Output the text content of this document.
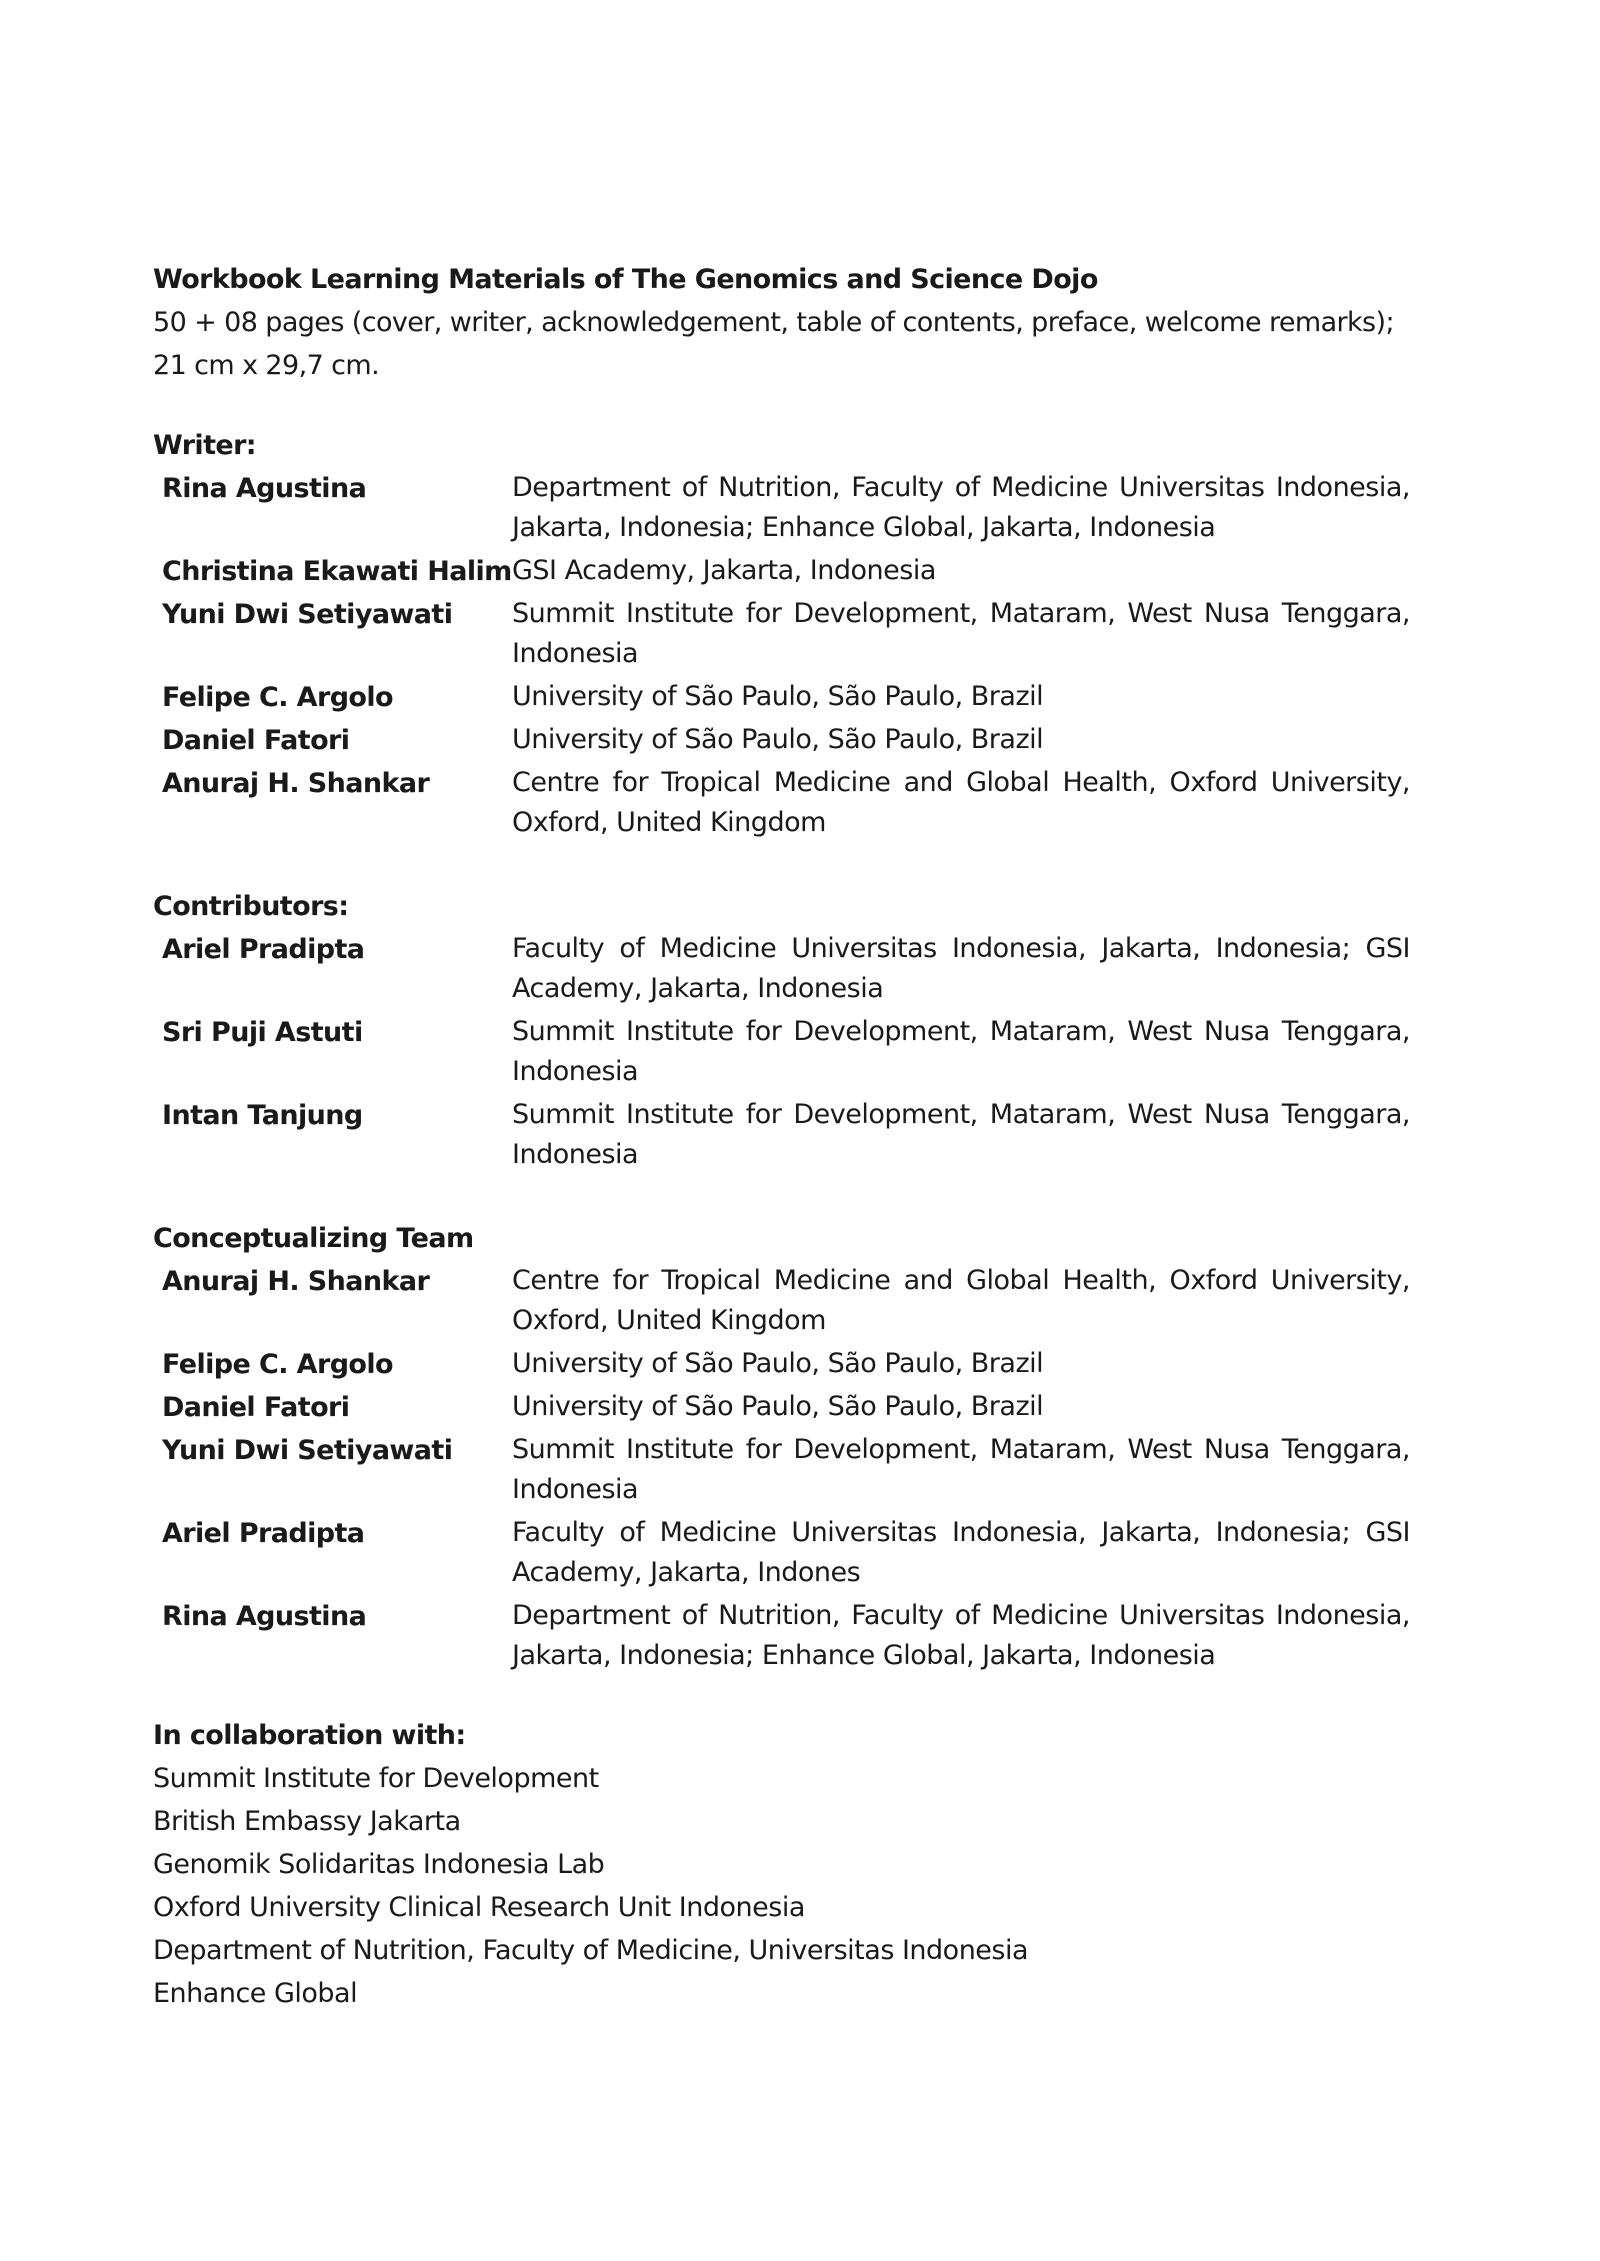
Workbook Learning Materials of The Genomics and Science Dojo

50 + 08 pages (cover, writer, acknowledgement, table of contents, preface, welcome remarks);

21 cm x 29,7 cm.

Writer:

Rina Agustina	Department of Nutrition, Faculty of Medicine Universitas Indonesia, Jakarta, Indonesia; Enhance Global, Jakarta, Indonesia
Christina Ekawati Halim GSI Academy, Jakarta, Indonesia
Yuni Dwi Setiyawati	Summit Institute for Development, Mataram, West Nusa Tenggara, Indonesia
Felipe C. Argolo	University of São Paulo, São Paulo, Brazil
Daniel Fatori	University of São Paulo, São Paulo, Brazil
Anuraj H. Shankar	Centre for Tropical Medicine and Global Health, Oxford University, Oxford, United Kingdom

Contributors:

Ariel Pradipta	Faculty of Medicine Universitas Indonesia, Jakarta, Indonesia; GSI Academy, Jakarta, Indonesia
Sri Puji Astuti	Summit Institute for Development, Mataram, West Nusa Tenggara, Indonesia
Intan Tanjung	Summit Institute for Development, Mataram, West Nusa Tenggara, Indonesia

Conceptualizing Team

Anuraj H. Shankar	Centre for Tropical Medicine and Global Health, Oxford University, Oxford, United Kingdom
Felipe C. Argolo	University of São Paulo, São Paulo, Brazil
Daniel Fatori	University of São Paulo, São Paulo, Brazil
Yuni Dwi Setiyawati	Summit Institute for Development, Mataram, West Nusa Tenggara, Indonesia
Ariel Pradipta	Faculty of Medicine Universitas Indonesia, Jakarta, Indonesia; GSI Academy, Jakarta, Indones
Rina Agustina	Department of Nutrition, Faculty of Medicine Universitas Indonesia, Jakarta, Indonesia; Enhance Global, Jakarta, Indonesia

In collaboration with:

Summit Institute for Development

British Embassy Jakarta

Genomik Solidaritas Indonesia Lab

Oxford University Clinical Research Unit Indonesia

Department of Nutrition, Faculty of Medicine, Universitas Indonesia

Enhance Global
